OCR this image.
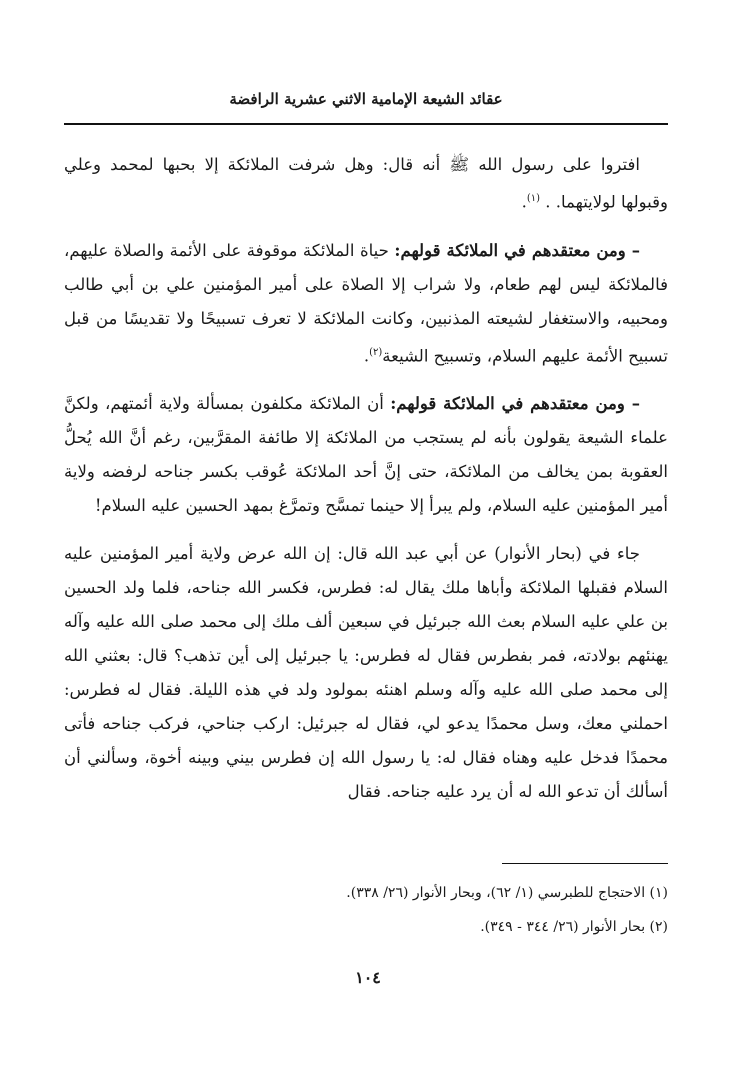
عقائد الشيعة الإمامية الاثني عشرية الرافضة

افتروا على رسول الله ﷺ أنه قال: وهل شرفت الملائكة إلا بحبها لمحمد وعلي وقبولها لولايتهما. . $^{(١)}$.

– ومن معتقدهم في الملائكة قولهم: حياة الملائكة موقوفة على الأئمة والصلاة عليهم، فالملائكة ليس لهم طعام، ولا شراب إلا الصلاة على أمير المؤمنين علي بن أبي طالب ومحبيه، والاستغفار لشيعته المذنبين، وكانت الملائكة لا تعرف تسبيحًا ولا تقديسًا من قبل تسبيح الأئمة عليهم السلام، وتسبيح الشيعة$^{(٢)}$.

– ومن معتقدهم في الملائكة قولهم: أن الملائكة مكلفون بمسألة ولاية أئمتهم، ولكنَّ علماء الشيعة يقولون بأنه لم يستجب من الملائكة إلا طائفة المقرَّبين، رغم أنَّ الله يُحلُّ العقوبة بمن يخالف من الملائكة، حتى إنَّ أحد الملائكة عُوقب بكسر جناحه لرفضه ولاية أمير المؤمنين عليه السلام، ولم يبرأ إلا حينما تمسَّح وتمرَّغ بمهد الحسين عليه السلام!

جاء في (بحار الأنوار) عن أبي عبد الله قال: إن الله عرض ولاية أمير المؤمنين عليه السلام فقبلها الملائكة وأباها ملك يقال له: فطرس، فكسر الله جناحه، فلما ولد الحسين بن علي عليه السلام بعث الله جبرئيل في سبعين ألف ملك إلى محمد صلى الله عليه وآله يهنئهم بولادته، فمر بفطرس فقال له فطرس: يا جبرئيل إلى أين تذهب؟ قال: بعثني الله إلى محمد صلى الله عليه وآله وسلم اهنئه بمولود ولد في هذه الليلة. فقال له فطرس: احملني معك، وسل محمدًا يدعو لي، فقال له جبرئيل: اركب جناحي، فركب جناحه فأتى محمدًا فدخل عليه وهناه فقال له: يا رسول الله إن فطرس بيني وبينه أخوة، وسألني أن أسألك أن تدعو الله له أن يرد عليه جناحه. فقال

(١) الاحتجاج للطبرسي (١/ ٦٢)، وبحار الأنوار (٢٦/ ٣٣٨).

(٢) بحار الأنوار (٢٦/ ٣٤٤ - ٣٤٩).

١٠٤
